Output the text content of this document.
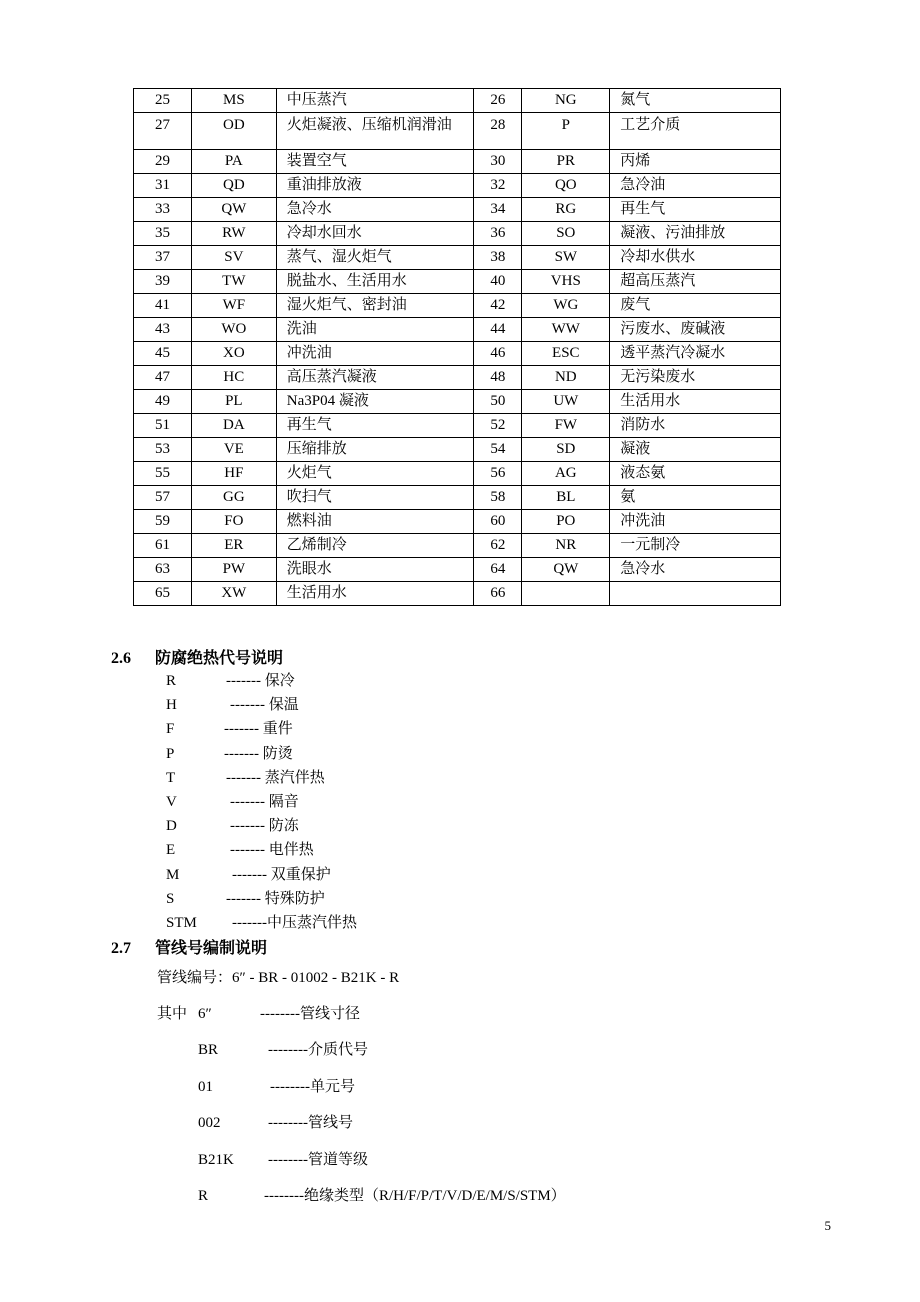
25	MS	中压蒸汽	26	NG	氮气
27	OD	火炬凝液、压缩机润滑油	28	P	工艺介质
29	PA	装置空气	30	PR	丙烯
31	QD	重油排放液	32	QO	急冷油
33	QW	急冷水	34	RG	再生气
35	RW	冷却水回水	36	SO	凝液、污油排放
37	SV	蒸气、湿火炬气	38	SW	冷却水供水
39	TW	脱盐水、生活用水	40	VHS	超高压蒸汽
41	WF	湿火炬气、密封油	42	WG	废气
43	WO	洗油	44	WW	污废水、废碱液
45	XO	冲洗油	46	ESC	透平蒸汽冷凝水
47	HC	高压蒸汽凝液	48	ND	无污染废水
49	PL	Na3P04 凝液	50	UW	生活用水
51	DA	再生气	52	FW	消防水
53	VE	压缩排放	54	SD	凝液
55	HF	火炬气	56	AG	液态氨
57	GG	吹扫气	58	BL	氨
59	FO	燃料油	60	PO	冲洗油
61	ER	乙烯制冷	62	NR	一元制冷
63	PW	洗眼水	64	QW	急冷水
65	XW	生活用水	66		
2.6 防腐绝热代号说明
R	------- 保冷
H	------- 保温
F	------- 重件
P	------- 防烫
T	------- 蒸汽伴热
V	------- 隔音
D	------- 防冻
E	------- 电伴热
M	------- 双重保护
S	------- 特殊防护
STM -------中压蒸汽伴热
2.7 管线号编制说明
管线编号：6″ - BR - 01002 - B21K - R
其中 6″	--------管线寸径
BR	--------介质代号
01	--------单元号
002	--------管线号
B21K --------管道等级
R	--------绝缘类型（R/H/F/P/T/V/D/E/M/S/STM）
5
